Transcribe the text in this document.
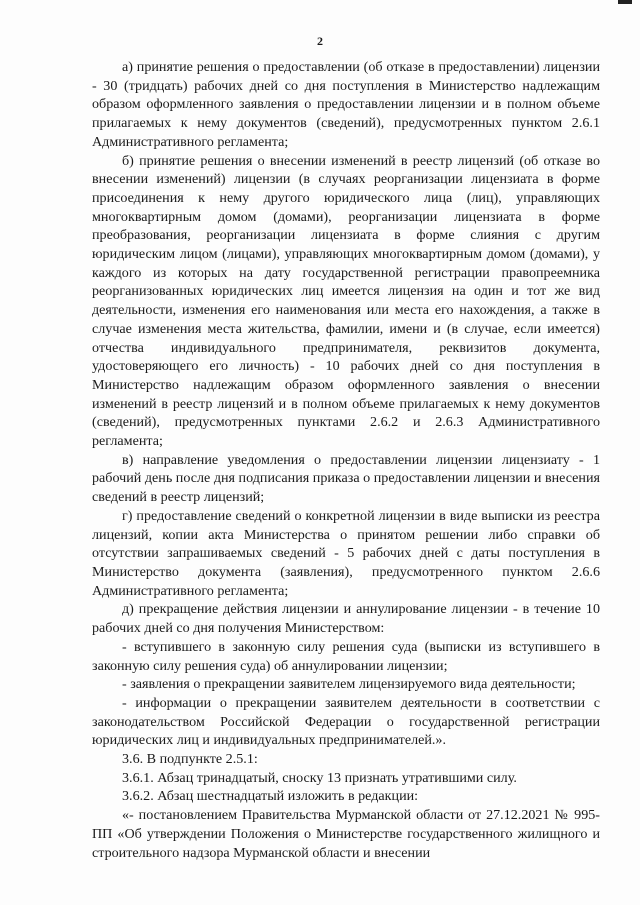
2

а) принятие решения о предоставлении (об отказе в предоставлении) лицензии - 30 (тридцать) рабочих дней со дня поступления в Министерство надлежащим образом оформленного заявления о предоставлении лицензии и в полном объеме прилагаемых к нему документов (сведений), предусмотренных пунктом 2.6.1 Административного регламента;

б) принятие решения о внесении изменений в реестр лицензий (об отказе во внесении изменений) лицензии (в случаях реорганизации лицензиата в форме присоединения к нему другого юридического лица (лиц), управляющих многоквартирным домом (домами), реорганизации лицензиата в форме преобразования, реорганизации лицензиата в форме слияния с другим юридическим лицом (лицами), управляющих многоквартирным домом (домами), у каждого из которых на дату государственной регистрации правопреемника реорганизованных юридических лиц имеется лицензия на один и тот же вид деятельности, изменения его наименования или места его нахождения, а также в случае изменения места жительства, фамилии, имени и (в случае, если имеется) отчества индивидуального предпринимателя, реквизитов документа, удостоверяющего его личность) - 10 рабочих дней со дня поступления в Министерство надлежащим образом оформленного заявления о внесении изменений в реестр лицензий и в полном объеме прилагаемых к нему документов (сведений), предусмотренных пунктами 2.6.2 и 2.6.3 Административного регламента;

в) направление уведомления о предоставлении лицензии лицензиату - 1 рабочий день после дня подписания приказа о предоставлении лицензии и внесения сведений в реестр лицензий;

г) предоставление сведений о конкретной лицензии в виде выписки из реестра лицензий, копии акта Министерства о принятом решении либо справки об отсутствии запрашиваемых сведений - 5 рабочих дней с даты поступления в Министерство документа (заявления), предусмотренного пунктом 2.6.6 Административного регламента;

д) прекращение действия лицензии и аннулирование лицензии - в течение 10 рабочих дней со дня получения Министерством:

- вступившего в законную силу решения суда (выписки из вступившего в законную силу решения суда) об аннулировании лицензии;

- заявления о прекращении заявителем лицензируемого вида деятельности;

- информации о прекращении заявителем деятельности в соответствии с законодательством Российской Федерации о государственной регистрации юридических лиц и индивидуальных предпринимателей.».

3.6. В подпункте 2.5.1:

3.6.1. Абзац тринадцатый, сноску 13 признать утратившими силу.

3.6.2. Абзац шестнадцатый изложить в редакции:

«- постановлением Правительства Мурманской области от 27.12.2021 № 995-ПП «Об утверждении Положения о Министерстве государственного жилищного и строительного надзора Мурманской области и внесении
